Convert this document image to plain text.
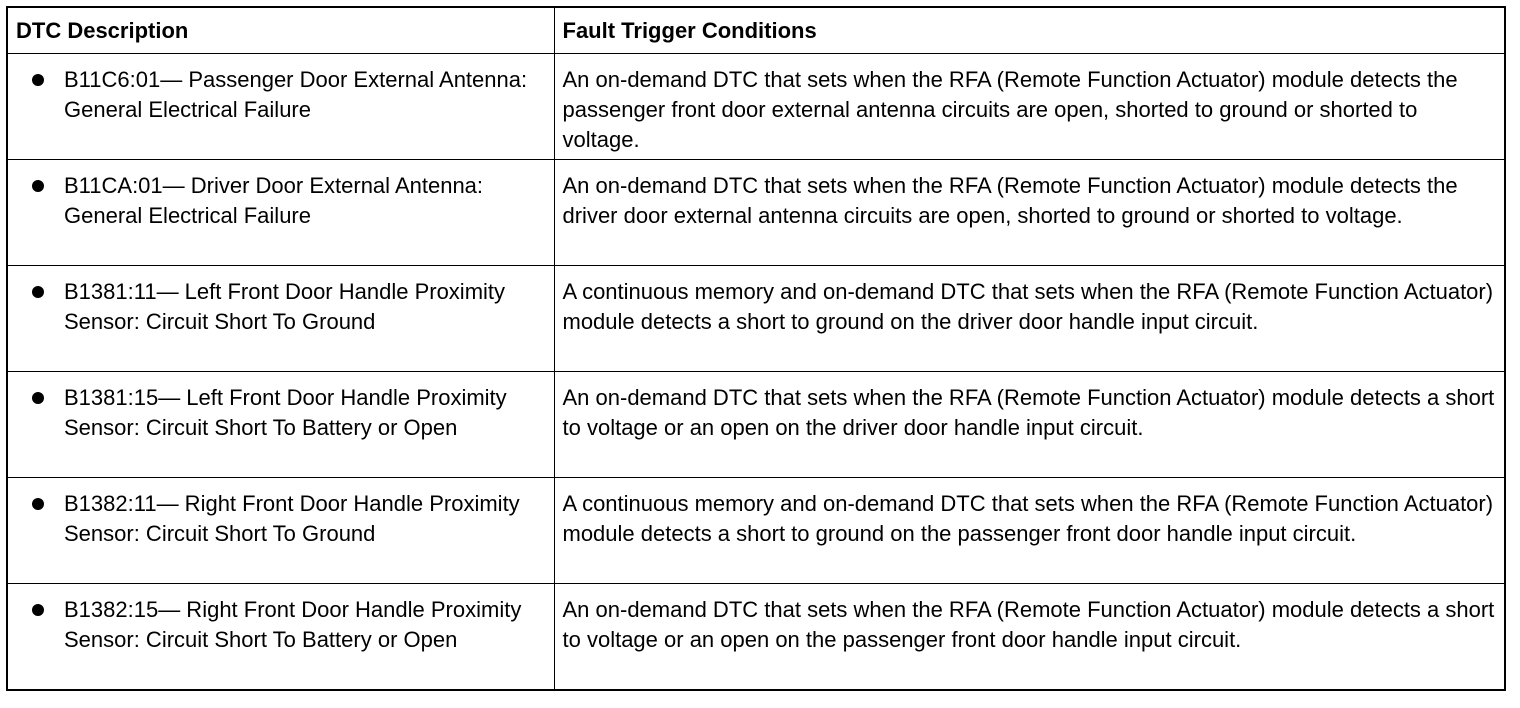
DTC Description	Fault Trigger Conditions

B11C6:01— Passenger Door External Antenna: General Electrical Failure	An on-demand DTC that sets when the RFA (Remote Function Actuator) module detects the passenger front door external antenna circuits are open, shorted to ground or shorted to voltage.

B11CA:01— Driver Door External Antenna: General Electrical Failure	An on-demand DTC that sets when the RFA (Remote Function Actuator) module detects the driver door external antenna circuits are open, shorted to ground or shorted to voltage.

B1381:11— Left Front Door Handle Proximity Sensor: Circuit Short To Ground	A continuous memory and on-demand DTC that sets when the RFA (Remote Function Actuator) module detects a short to ground on the driver door handle input circuit.

B1381:15— Left Front Door Handle Proximity Sensor: Circuit Short To Battery or Open	An on-demand DTC that sets when the RFA (Remote Function Actuator) module detects a short to voltage or an open on the driver door handle input circuit.

B1382:11— Right Front Door Handle Proximity Sensor: Circuit Short To Ground	A continuous memory and on-demand DTC that sets when the RFA (Remote Function Actuator) module detects a short to ground on the passenger front door handle input circuit.

B1382:15— Right Front Door Handle Proximity Sensor: Circuit Short To Battery or Open	An on-demand DTC that sets when the RFA (Remote Function Actuator) module detects a short to voltage or an open on the passenger front door handle input circuit.
